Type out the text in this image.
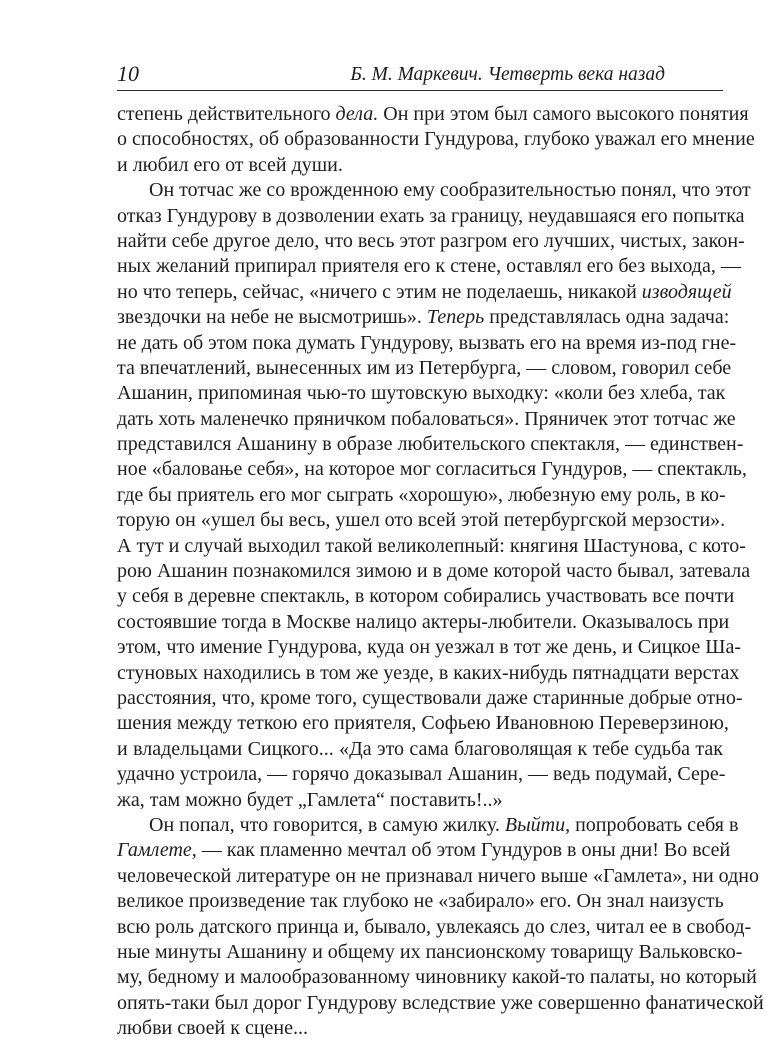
10	Б. М. Маркевич. Четверть века назад
степень действительного дела. Он при этом был самого высокого понятия
о способностях, об образованности Гундурова, глубоко уважал его мнение
и любил его от всей души.
Он тотчас же со врожденною ему сообразительностью понял, что этот
отказ Гундурову в дозволении ехать за границу, неудавшаяся его попытка
найти себе другое дело, что весь этот разгром его лучших, чистых, закон-
ных желаний припирал приятеля его к стене, оставлял его без выхода, —
но что теперь, сейчас, «ничего с этим не поделаешь, никакой изводящей
звездочки на небе не высмотришь». Теперь представлялась одна задача:
не дать об этом пока думать Гундурову, вызвать его на время из-под гне-
та впечатлений, вынесенных им из Петербурга, — словом, говорил себе
Ашанин, припоминая чью-то шутовскую выходку: «коли без хлеба, так
дать хоть маленечко пряничком побаловаться». Пряничек этот тотчас же
представился Ашанину в образе любительского спектакля, — единствен-
ное «баловање себя», на которое мог согласиться Гундуров, — спектакль,
где бы приятель его мог сыграть «хорошую», любезную ему роль, в ко-
торую он «ушел бы весь, ушел ото всей этой петербургской мерзости».
А тут и случай выходил такой великолепный: княгиня Шастунова, с кото-
рою Ашанин познакомился зимою и в доме которой часто бывал, затевала
у себя в деревне спектакль, в котором собирались участвовать все почти
состоявшие тогда в Москве налицо актеры-любители. Оказывалось при
этом, что имение Гундурова, куда он уезжал в тот же день, и Сицкое Ша-
стуновых находились в том же уезде, в каких-нибудь пятнадцати верстах
расстояния, что, кроме того, существовали даже старинные добрые отно-
шения между теткою его приятеля, Софьею Ивановною Переверзиною,
и владельцами Сицкого... «Да это сама благоволящая к тебе судьба так
удачно устроила, — горячо доказывал Ашанин, — ведь подумай, Сере-
жа, там можно будет „Гамлета“ поставить!..»
Он попал, что говорится, в самую жилку. Выйти, попробовать себя в
Гамлете, — как пламенно мечтал об этом Гундуров в оны дни! Во всей
человеческой литературе он не признавал ничего выше «Гамлета», ни одно
великое произведение так глубоко не «забирало» его. Он знал наизусть
всю роль датского принца и, бывало, увлекаясь до слез, читал ее в свобод-
ные минуты Ашанину и общему их пансионскому товарищу Вальковско-
му, бедному и малообразованному чиновнику какой-то палаты, но который
опять-таки был дорог Гундурову вследствие уже совершенно фанатической
любви своей к сцене...
